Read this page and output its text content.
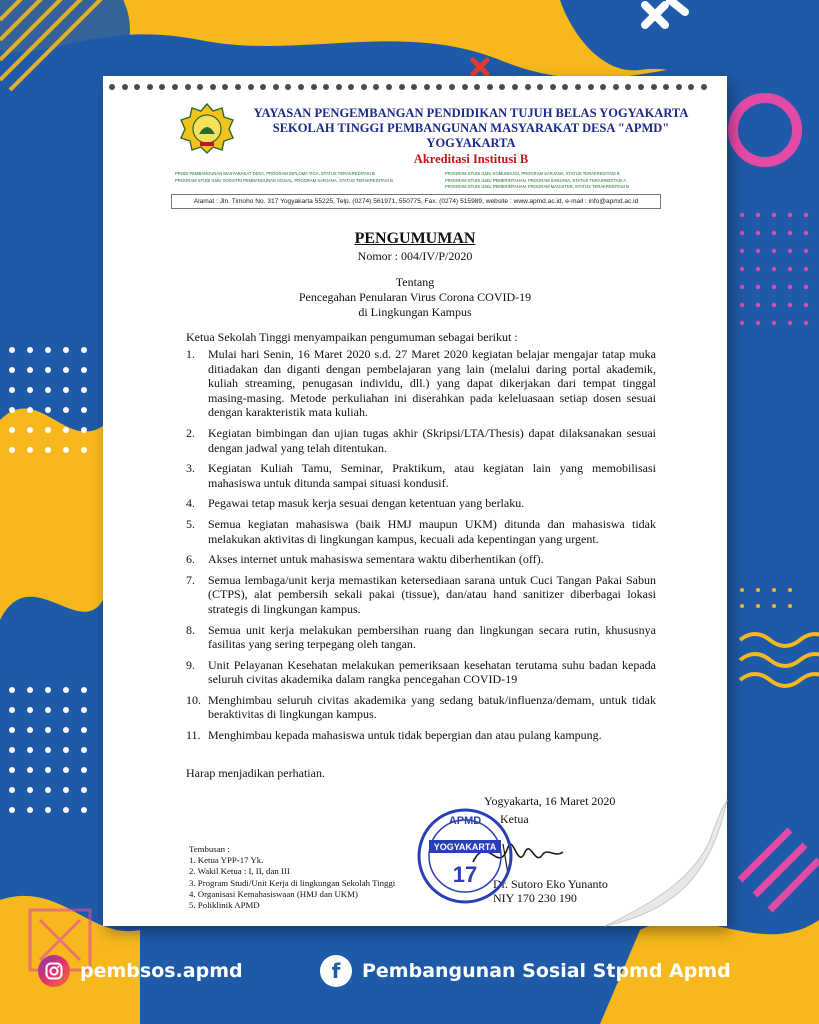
YAYASAN PENGEMBANGAN PENDIDIKAN TUJUH BELAS YOGYAKARTA
SEKOLAH TINGGI PEMBANGUNAN MASYARAKAT DESA "APMD"
YOGYAKARTA
Akreditasi Institusi B
PRODI PEMBANGUNAN MASYARAKAT DESA, PROGRAM DIPLOMA TIGA, STATUS TERAKREDITASI B
PROGRAM STUDI ILMU SOSIATRI PEMBANGUNAN SOSIAL, PROGRAM SARJANA, STATUS TERAKREDITASI B
PROGRAM STUDI ILMU KOMUNIKASI, PROGRAM SARJANA, STATUS TERAKREDITASI B
PROGRAM STUDI ILMU PEMERINTAHAN, PROGRAM SARJANA, STATUS TERAKREDITASI A
PROGRAM STUDI ILMU PEMERINTAHAN, PROGRAM MAGISTER, STATUS TERAKREDITASI B
Alamat : Jln. Timoho No. 317 Yogyakarta 55225, Telp. (0274) 561971, 550775, Fax. (0274) 515989, website : www.apmd.ac.id, e-mail : info@apmd.ac.id
PENGUMUMAN
Nomor : 004/IV/P/2020
Tentang
Pencegahan Penularan Virus Corona COVID-19
di Lingkungan Kampus
Ketua Sekolah Tinggi menyampaikan pengumuman sebagai berikut :
1. Mulai hari Senin, 16 Maret 2020 s.d. 27 Maret 2020 kegiatan belajar mengajar tatap muka ditiadakan dan diganti dengan pembelajaran yang lain (melalui daring portal akademik, kuliah streaming, penugasan individu, dll.) yang dapat dikerjakan dari tempat tinggal masing-masing. Metode perkuliahan ini diserahkan pada keleluasaan setiap dosen sesuai dengan karakteristik mata kuliah.
2. Kegiatan bimbingan dan ujian tugas akhir (Skripsi/LTA/Thesis) dapat dilaksanakan sesuai dengan jadwal yang telah ditentukan.
3. Kegiatan Kuliah Tamu, Seminar, Praktikum, atau kegiatan lain yang memobilisasi mahasiswa untuk ditunda sampai situasi kondusif.
4. Pegawai tetap masuk kerja sesuai dengan ketentuan yang berlaku.
5. Semua kegiatan mahasiswa (baik HMJ maupun UKM) ditunda dan mahasiswa tidak melakukan aktivitas di lingkungan kampus, kecuali ada kepentingan yang urgent.
6. Akses internet untuk mahasiswa sementara waktu diberhentikan (off).
7. Semua lembaga/unit kerja memastikan ketersediaan sarana untuk Cuci Tangan Pakai Sabun (CTPS), alat pembersih sekali pakai (tissue), dan/atau hand sanitizer diberbagai lokasi strategis di lingkungan kampus.
8. Semua unit kerja melakukan pembersihan ruang dan lingkungan secara rutin, khususnya fasilitas yang sering terpegang oleh tangan.
9. Unit Pelayanan Kesehatan melakukan pemeriksaan kesehatan terutama suhu badan kepada seluruh civitas akademika dalam rangka pencegahan COVID-19
10. Menghimbau seluruh civitas akademika yang sedang batuk/influenza/demam, untuk tidak beraktivitas di lingkungan kampus.
11. Menghimbau kepada mahasiswa untuk tidak bepergian dan atau pulang kampung.
Harap menjadikan perhatian.
Yogyakarta, 16 Maret 2020
Ketua
Dr. Sutoro Eko Yunanto
NIY 170 230 190
APMD
YOGYAKARTA
17
Tembusan :
1. Ketua YPP-17 Yk.
2. Wakil Ketua : I, II, dan III
3. Program Studi/Unit Kerja di lingkungan Sekolah Tinggi
4. Organisasi Kemahasiswaan (HMJ dan UKM)
5. Poliklinik APMD
pembsos.apmd	f Pembangunan Sosial Stpmd Apmd
